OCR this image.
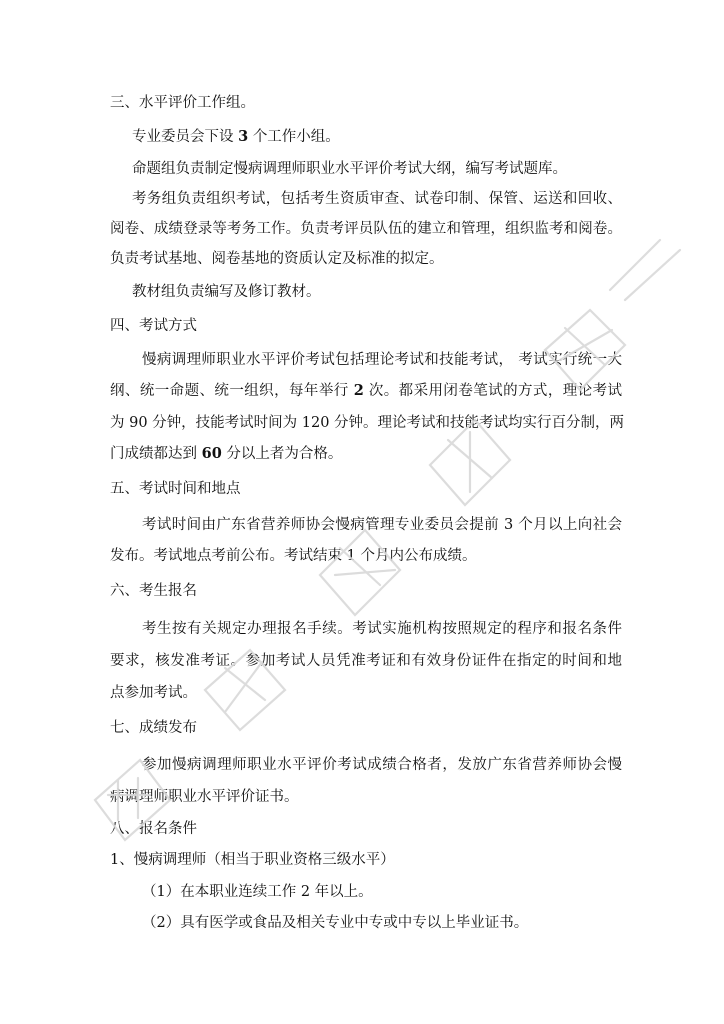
三、水平评价工作组。
专业委员会下设 3 个工作小组。
命题组负责制定慢病调理师职业水平评价考试大纲，编写考试题库。
考务组负责组织考试，包括考生资质审查、试卷印制、保管、运送和回收、
阅卷、成绩登录等考务工作。负责考评员队伍的建立和管理，组织监考和阅卷。
负责考试基地、阅卷基地的资质认定及标准的拟定。
教材组负责编写及修订教材。
四、考试方式
慢病调理师职业水平评价考试包括理论考试和技能考试， 考试实行统一大
纲、统一命题、统一组织，每年举行 2 次。都采用闭卷笔试的方式，理论考试
为 90 分钟，技能考试时间为 120 分钟。理论考试和技能考试均实行百分制，两
门成绩都达到 60 分以上者为合格。
五、考试时间和地点
考试时间由广东省营养师协会慢病管理专业委员会提前 3 个月以上向社会
发布。考试地点考前公布。考试结束 1 个月内公布成绩。
六、考生报名
考生按有关规定办理报名手续。考试实施机构按照规定的程序和报名条件
要求，核发准考证。参加考试人员凭准考证和有效身份证件在指定的时间和地
点参加考试。
七、成绩发布
参加慢病调理师职业水平评价考试成绩合格者，发放广东省营养师协会慢
病调理师职业水平评价证书。
八、报名条件
1、慢病调理师（相当于职业资格三级水平）
（1）在本职业连续工作 2 年以上。
（2）具有医学或食品及相关专业中专或中专以上毕业证书。
